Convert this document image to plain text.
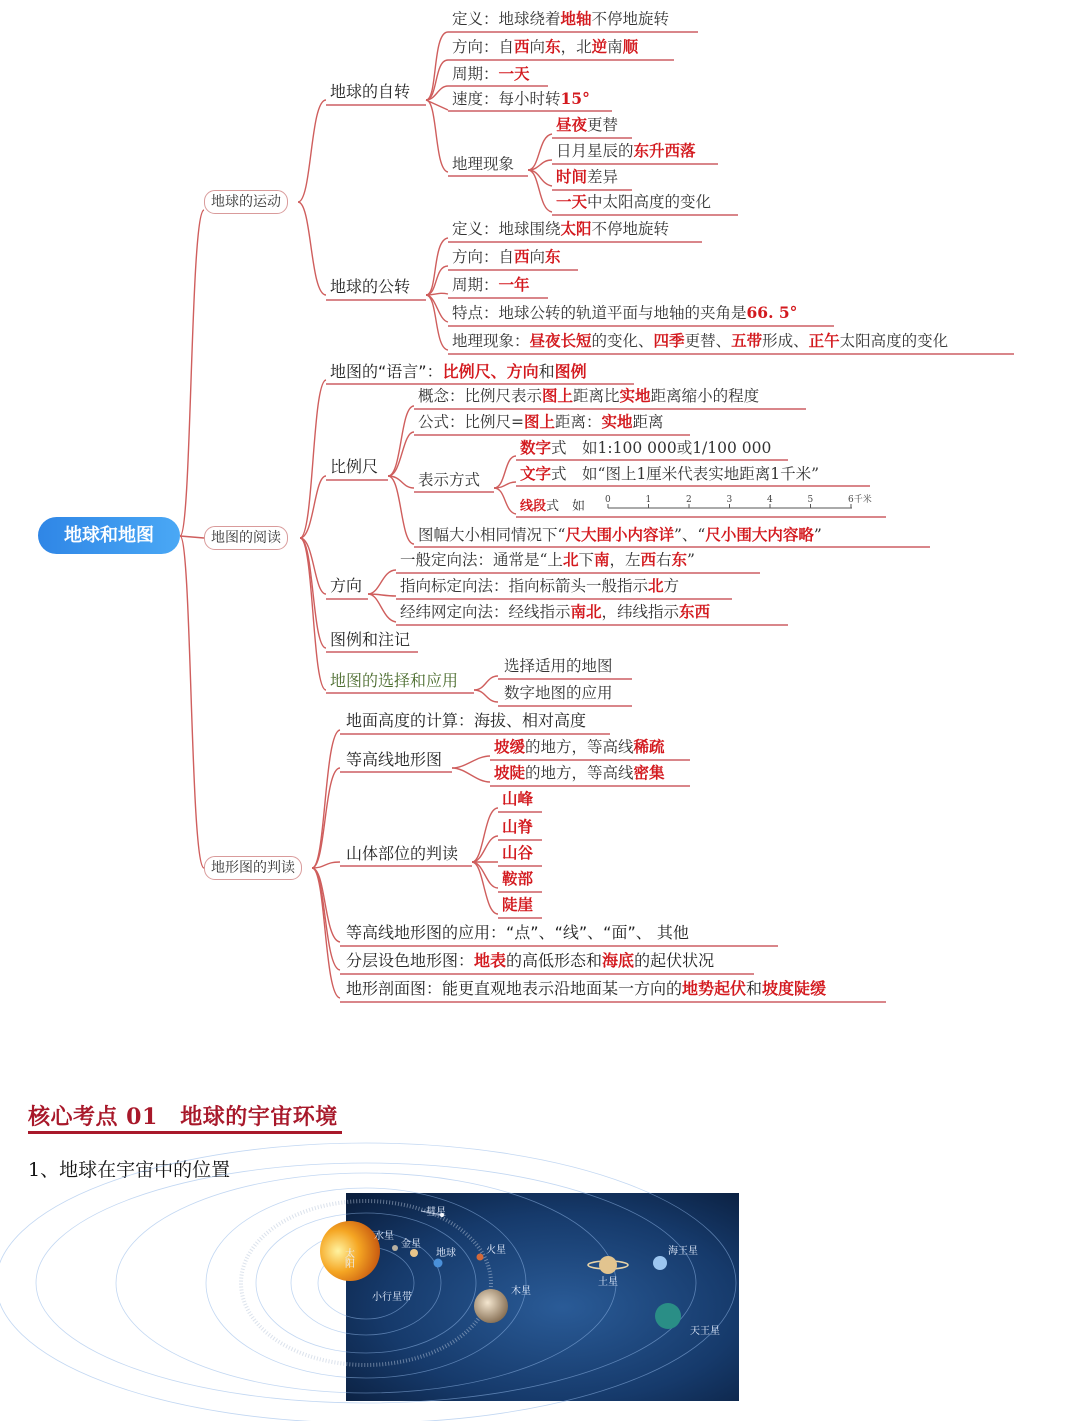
地球和地图
地球的运动
地图的阅读
地形图的判读
地球的自转
定义：地球绕着地轴不停地旋转
方向：自西向东，北逆南顺
周期：一天
速度：每小时转15°
地理现象
昼夜更替
日月星辰的东升西落
时间差异
一天中太阳高度的变化
地球的公转
定义：地球围绕太阳不停地旋转
方向：自西向东
周期：一年
特点：地球公转的轨道平面与地轴的夹角是66. 5°
地理现象：昼夜长短的变化、四季更替、五带形成、正午太阳高度的变化
地图的“语言”：比例尺、方向和图例
比例尺
概念：比例尺表示图上距离比实地距离缩小的程度
公式：比例尺=图上距离：实地距离
表示方式
数字式　如1:100 000或1/100 000
文字式　如“图上1厘米代表实地距离1千米”
线段式　如 0	1	2	3	4	5	6千米
图幅大小相同情况下“尺大围小内容详”、“尺小围大内容略”
方向
一般定向法：通常是“上北下南，左西右东”
指向标定向法：指向标箭头一般指示北方
经纬网定向法：经线指示南北，纬线指示东西
图例和注记
地图的选择和应用
选择适用的地图
数字地图的应用
地面高度的计算：海拔、相对高度
等高线地形图
坡缓的地方，等高线稀疏
坡陡的地方，等高线密集
山体部位的判读
山峰
山脊
山谷
鞍部
陡崖
等高线地形图的应用：“点”、“线”、“面”、 其他
分层设色地形图：地表的高低形态和海底的起伏状况
地形剖面图：能更直观地表示沿地面某一方向的地势起伏和坡度陡缓
核心考点 01　地球的宇宙环境
1、地球在宇宙中的位置
彗星
太阳
水星
金星
地球	火星
小行星带
木星
土星
海王星
天王星
